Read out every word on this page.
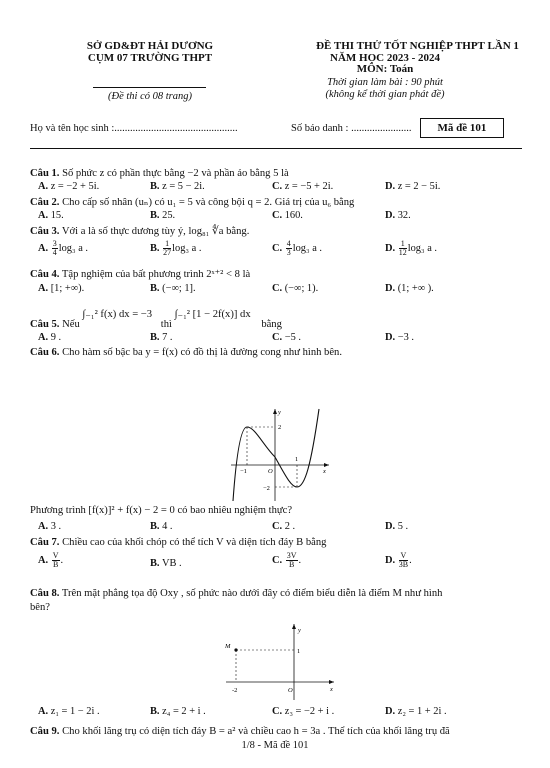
SỞ GD&ĐT HẢI DƯƠNG
CỤM 07 TRƯỜNG THPT
(Đề thi có 08 trang)
ĐỀ THI THỬ TỐT NGHIỆP THPT LẦN 1
NĂM HỌC 2023 - 2024
MÔN: Toán
Thời gian làm bài : 90 phút
(không kể thời gian phát đề)
Họ và tên học sinh :...............................................	Số báo danh : .......................	Mã đề 101
Câu 1. Số phức z có phần thực bằng −2 và phần ảo bằng 5 là
A. z = −2 + 5i.	B. z = 5 − 2i.	C. z = −5 + 2i.	D. z = 2 − 5i.
Câu 2. Cho cấp số nhân (uₙ) có u₁ = 5 và công bội q = 2. Giá trị của u₆ bằng
A. 15.	B. 25.	C. 160.	D. 32.
Câu 3. Với a là số thực dương tùy ý, log₈₁ ∜a bằng.
A. $\frac{3}{4} \log_3$ a .	B. $\frac{1}{27} \log_3$ a .	C. $\frac{4}{3} \log_3$ a .	D. $\frac{1}{12} \log_3$ a .
Câu 4. Tập nghiệm của bất phương trình 2ˣ⁺² < 8 là
A. [1; +∞).	B. (−∞; 1].	C. (−∞; 1).	D. (1; +∞ ).
Câu 5. Nếu ∫₋₁² f(x) dx = −3 thì ∫₋₁² [1 − 2f(x)] dx bằng
A. 9 .	B. 7 .	C. −5 .	D. −3 .
Câu 6. Cho hàm số bậc ba y = f(x) có đồ thị là đường cong như hình bên.
y
x
O
2
−1
1
−2
Phương trình [f(x)]² + f(x) − 2 = 0 có bao nhiêu nghiệm thực?
A. 3 .	B. 4 .	C. 2 .	D. 5 .
Câu 7. Chiều cao của khối chóp có thể tích V và diện tích đáy B bằng
A. $\frac{V}{B}$ .	B. VB .	C. $\frac{3V}{B}$ .	D. $\frac{V}{3B}$ .
Câu 8. Trên mặt phẳng tọa độ Oxy , số phức nào dưới đây có điểm biểu diễn là điểm M như hình
bên?
y
x
O
M
1
-2
A. z₁ = 1 − 2i .	B. z₄ = 2 + i .	C. z₃ = −2 + i .	D. z₂ = 1 + 2i .
Câu 9. Cho khối lăng trụ có diện tích đáy B = a² và chiều cao h = 3a . Thể tích của khối lăng trụ đã
1/8 - Mã đề 101
